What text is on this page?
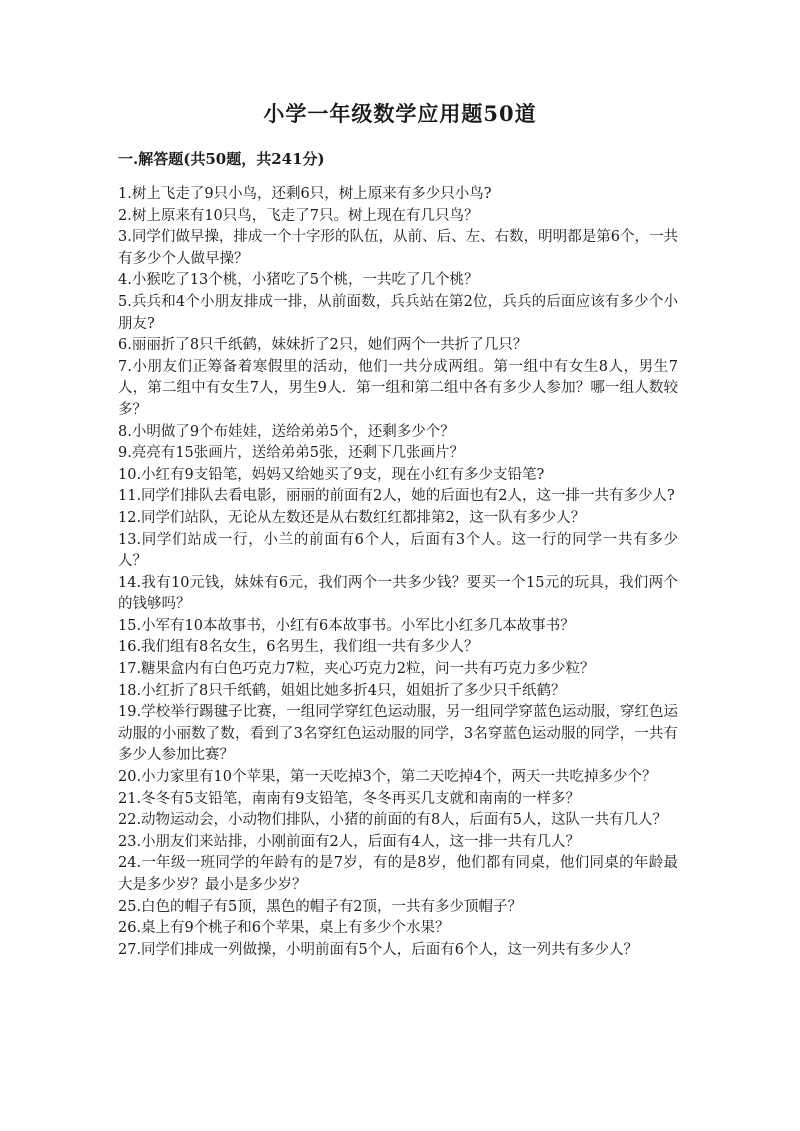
小学一年级数学应用题50道
一.解答题(共50题，共241分)
1.树上飞走了9只小鸟，还剩6只，树上原来有多少只小鸟?
2.树上原来有10只鸟，飞走了7只。树上现在有几只鸟？
3.同学们做早操，排成一个十字形的队伍，从前、后、左、右数，明明都是第6个，一共有多少个人做早操？
4.小猴吃了13个桃，小猪吃了5个桃，一共吃了几个桃？
5.兵兵和4个小朋友排成一排，从前面数，兵兵站在第2位，兵兵的后面应该有多少个小朋友?
6.丽丽折了8只千纸鹤，妹妹折了2只，她们两个一共折了几只？
7.小朋友们正筹备着寒假里的活动，他们一共分成两组。第一组中有女生8人，男生7人，第二组中有女生7人，男生9人．第一组和第二组中各有多少人参加？哪一组人数较多？
8.小明做了9个布娃娃，送给弟弟5个，还剩多少个？
9.亮亮有15张画片，送给弟弟5张，还剩下几张画片？
10.小红有9支铅笔，妈妈又给她买了9支，现在小红有多少支铅笔?
11.同学们排队去看电影，丽丽的前面有2人，她的后面也有2人，这一排一共有多少人?
12.同学们站队，无论从左数还是从右数红红都排第2，这一队有多少人？
13.同学们站成一行，小兰的前面有6个人，后面有3个人。这一行的同学一共有多少人？
14.我有10元钱，妹妹有6元，我们两个一共多少钱？要买一个15元的玩具，我们两个的钱够吗？
15.小军有10本故事书，小红有6本故事书。小军比小红多几本故事书？
16.我们组有8名女生，6名男生，我们组一共有多少人？
17.糖果盒内有白色巧克力7粒，夹心巧克力2粒，问一共有巧克力多少粒？
18.小红折了8只千纸鹤，姐姐比她多折4只，姐姐折了多少只千纸鹤？
19.学校举行踢毽子比赛，一组同学穿红色运动服，另一组同学穿蓝色运动服，穿红色运动服的小丽数了数，看到了3名穿红色运动服的同学，3名穿蓝色运动服的同学，一共有多少人参加比赛？
20.小力家里有10个苹果，第一天吃掉3个，第二天吃掉4个，两天一共吃掉多少个？
21.冬冬有5支铅笔，南南有9支铅笔，冬冬再买几支就和南南的一样多？
22.动物运动会，小动物们排队，小猪的前面的有8人，后面有5人，这队一共有几人？
23.小朋友们来站排，小刚前面有2人，后面有4人，这一排一共有几人？
24.一年级一班同学的年龄有的是7岁，有的是8岁，他们都有同桌，他们同桌的年龄最大是多少岁？最小是多少岁？
25.白色的帽子有5顶，黑色的帽子有2顶，一共有多少顶帽子？
26.桌上有9个桃子和6个苹果，桌上有多少个水果？
27.同学们排成一列做操，小明前面有5个人，后面有6个人，这一列共有多少人？
